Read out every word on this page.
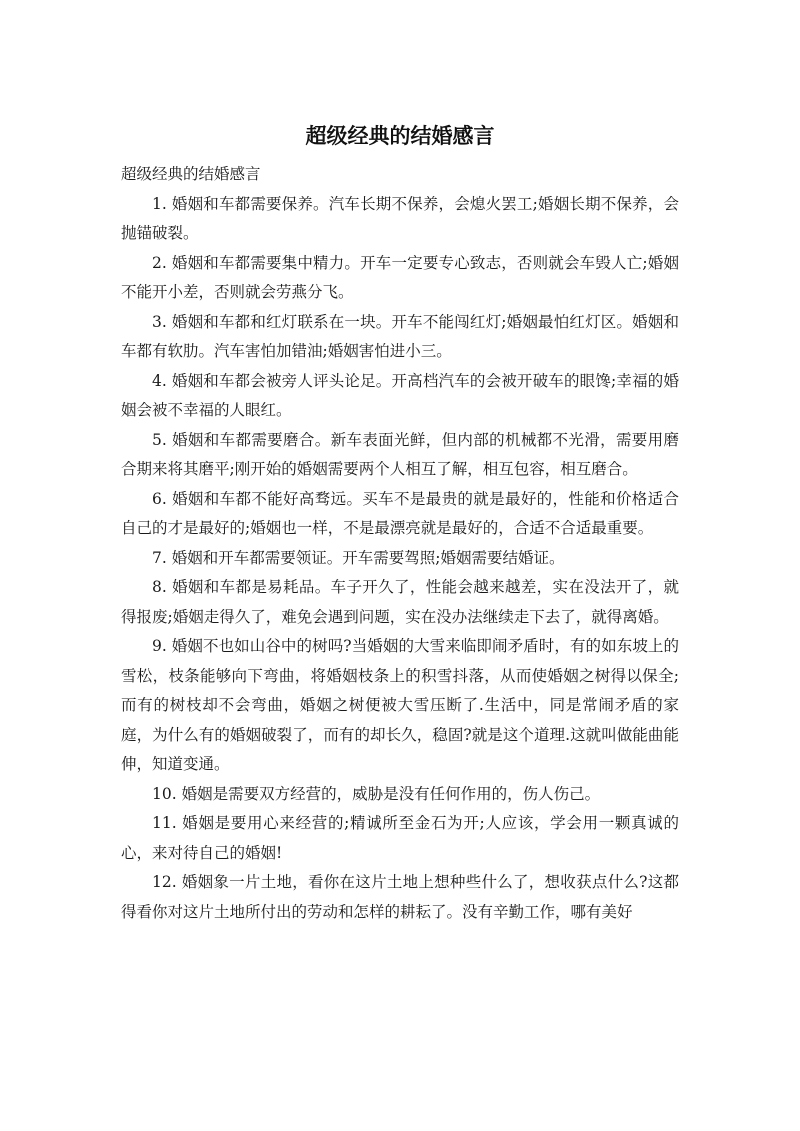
超级经典的结婚感言

超级经典的结婚感言

1. 婚姻和车都需要保养。汽车长期不保养，会熄火罢工;婚姻长期不保养，会抛锚破裂。

2. 婚姻和车都需要集中精力。开车一定要专心致志，否则就会车毁人亡;婚姻不能开小差，否则就会劳燕分飞。

3. 婚姻和车都和红灯联系在一块。开车不能闯红灯;婚姻最怕红灯区。婚姻和车都有软肋。汽车害怕加错油;婚姻害怕进小三。

4. 婚姻和车都会被旁人评头论足。开高档汽车的会被开破车的眼馋;幸福的婚姻会被不幸福的人眼红。

5. 婚姻和车都需要磨合。新车表面光鲜，但内部的机械都不光滑，需要用磨合期来将其磨平;刚开始的婚姻需要两个人相互了解，相互包容，相互磨合。

6. 婚姻和车都不能好高骛远。买车不是最贵的就是最好的，性能和价格适合自己的才是最好的;婚姻也一样，不是最漂亮就是最好的，合适不合适最重要。

7. 婚姻和开车都需要领证。开车需要驾照;婚姻需要结婚证。

8. 婚姻和车都是易耗品。车子开久了，性能会越来越差，实在没法开了，就得报废;婚姻走得久了，难免会遇到问题，实在没办法继续走下去了，就得离婚。

9. 婚姻不也如山谷中的树吗?当婚姻的大雪来临即闹矛盾时，有的如东坡上的雪松，枝条能够向下弯曲，将婚姻枝条上的积雪抖落，从而使婚姻之树得以保全;而有的树枝却不会弯曲，婚姻之树便被大雪压断了.生活中，同是常闹矛盾的家庭，为什么有的婚姻破裂了，而有的却长久，稳固?就是这个道理.这就叫做能曲能伸，知道变通。

10. 婚姻是需要双方经营的，威胁是没有任何作用的，伤人伤己。

11. 婚姻是要用心来经营的;精诚所至金石为开;人应该，学会用一颗真诚的心，来对待自己的婚姻!

12. 婚姻象一片土地，看你在这片土地上想种些什么了，想收获点什么?这都得看你对这片土地所付出的劳动和怎样的耕耘了。没有辛勤工作，哪有美好
